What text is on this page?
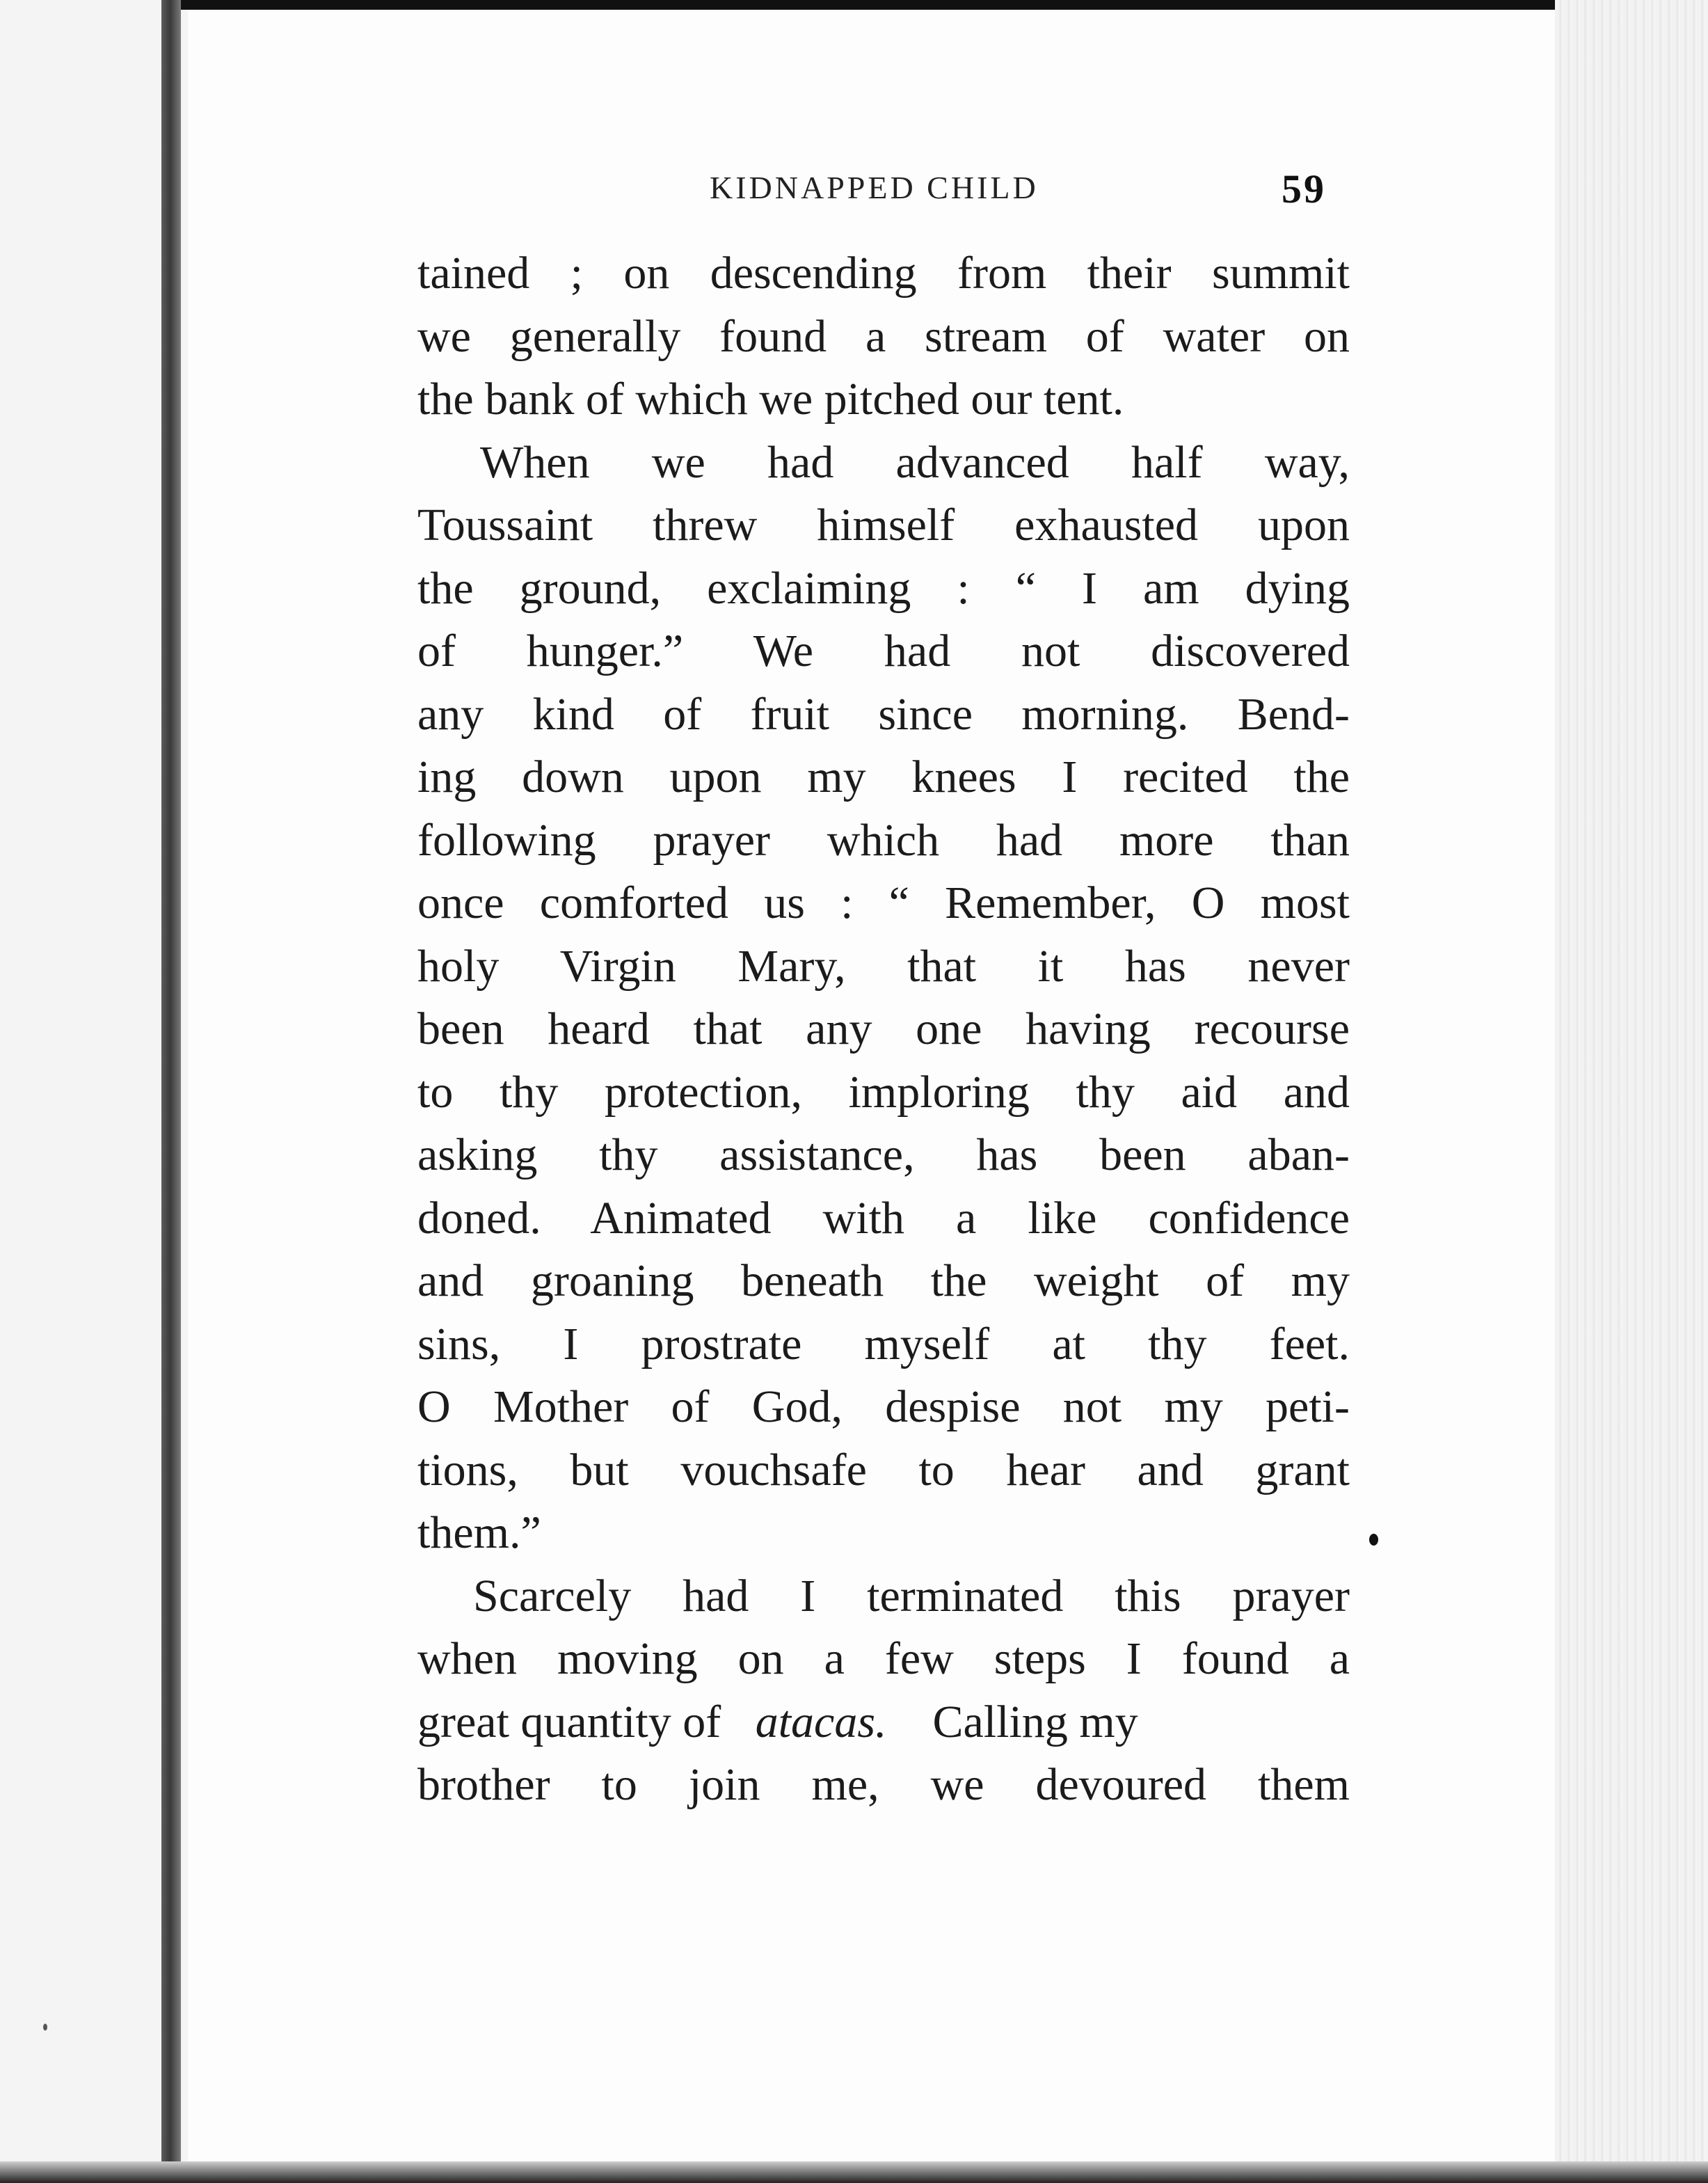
KIDNAPPED CHILD	59
tained ; on descending from their summit
we generally found a stream of water on
the bank of which we pitched our tent.
When we had advanced half way,
Toussaint threw himself exhausted upon
the ground, exclaiming : “ I am dying
of hunger.” We had not discovered
any kind of fruit since morning. Bend-
ing down upon my knees I recited the
following prayer which had more than
once comforted us : “ Remember, O most
holy Virgin Mary, that it has never
been heard that any one having recourse
to thy protection, imploring thy aid and
asking thy assistance, has been aban-
doned. Animated with a like confidence
and groaning beneath the weight of my
sins, I prostrate myself at thy feet.
O Mother of God, despise not my peti-
tions, but vouchsafe to hear and grant
them.”
Scarcely had I terminated this prayer
when moving on a few steps I found a
great quantity of atacas. Calling my
brother to join me, we devoured them
